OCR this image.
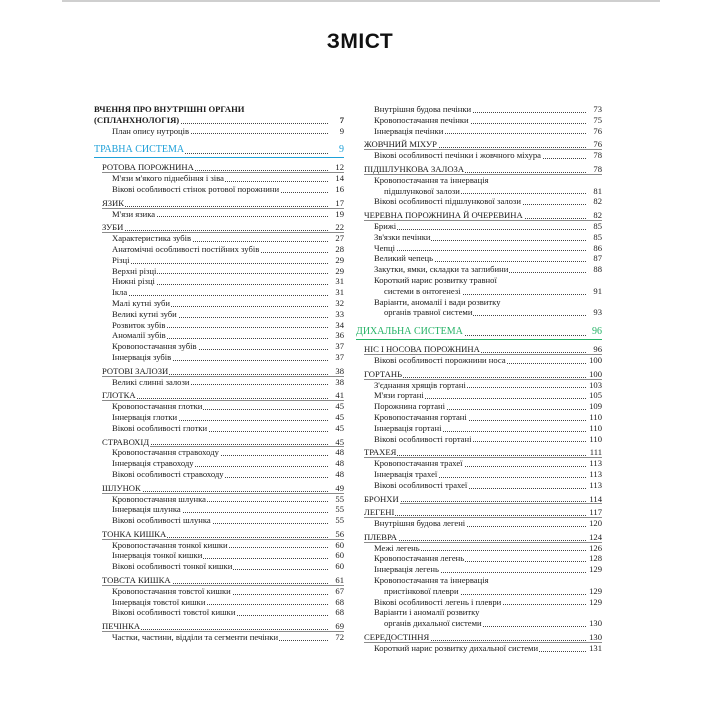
ЗМІСТ
ВЧЕННЯ ПРО ВНУТРІШНІ ОРГАНИ
(СПЛАНХНОЛОГІЯ)	7
План опису нутроцiв	9
ТРАВНА СИСТЕМА	9
РОТОВА ПОРОЖНИНА	12
М'язи м'якого піднебіння і зіва	14
Вікові особливості стінок ротової порожнини	16
ЯЗИК	17
М'язи язика	19
ЗУБИ	22
Характеристика зубів	27
Анатомічні особливості постійних зубів	28
Різці	29
Верхні різці	29
Нижні різці	31
Ікла	31
Малі кутні зуби	32
Великі кутні зуби	33
Розвиток зубів	34
Аномалії зубів	36
Кровопостачання зубів	37
Іннервація зубів	37
РОТОВІ ЗАЛОЗИ	38
Великі слинні залози	38
ГЛОТКА	41
Кровопостачання глотки	45
Іннервація глотки	45
Вікові особливості глотки	45
СТРАВОХІД	45
Кровопостачання стравоходу	48
Іннервація стравоходу	48
Вікові особливості стравоходу	48
ШЛУНОК	49
Кровопостачання шлунка	55
Іннервація шлунка	55
Вікові особливості шлунка	55
ТОНКА КИШКА	56
Кровопостачання тонкої кишки	60
Іннервація тонкої кишки	60
Вікові особливості тонкої кишки	60
ТОВСТА КИШКА	61
Кровопостачання товстої кишки	67
Іннервація товстої кишки	68
Вікові особливості товстої кишки	68
ПЕЧІНКА	69
Частки, частини, відділи та сегменти печінки	72
Внутрішня будова печінки	73
Кровопостачання печінки	75
Іннервація печінки	76
ЖОВЧНИЙ МІХУР	76
Вікові особливості печінки і жовчного міхура	78
ПІДШЛУНКОВА ЗАЛОЗА	78
Кровопостачання та іннервація
підшлункової залози	81
Вікові особливості підшлункової залози	82
ЧЕРЕВНА ПОРОЖНИНА Й ОЧЕРЕВИНА	82
Брижі	85
Зв'язки печінки	85
Чепці	86
Великий чепець	87
Закутки, ямки, складки та заглибини	88
Короткий нарис розвитку травної
системи в онтогенезі	91
Варіанти, аномалії і вади розвитку
органів травної системи	93
ДИХАЛЬНА СИСТЕМА	96
НІС І НОСОВА ПОРОЖНИНА	96
Вікові особливості порожнини носа	100
ГОРТАНЬ	100
З'єднання хрящів гортані	103
М'язи гортані	105
Порожнина гортані	109
Кровопостачання гортані	110
Іннервація гортані	110
Вікові особливості гортані	110
ТРАХЕЯ	111
Кровопостачання трахеї	113
Іннервація трахеї	113
Вікові особливості трахеї	113
БРОНХИ	114
ЛЕГЕНІ	117
Внутрішня будова легені	120
ПЛЕВРА	124
Межі легень	126
Кровопостачання легень	128
Іннервація легень	129
Кровопостачання та іннервація
пристінкової плеври	129
Вікові особливості легень і плеври	129
Варіанти і аномалії розвитку
органів дихальної системи	130
СЕРЕДОСТІННЯ	130
Короткий нарис розвитку дихальної системи	131
